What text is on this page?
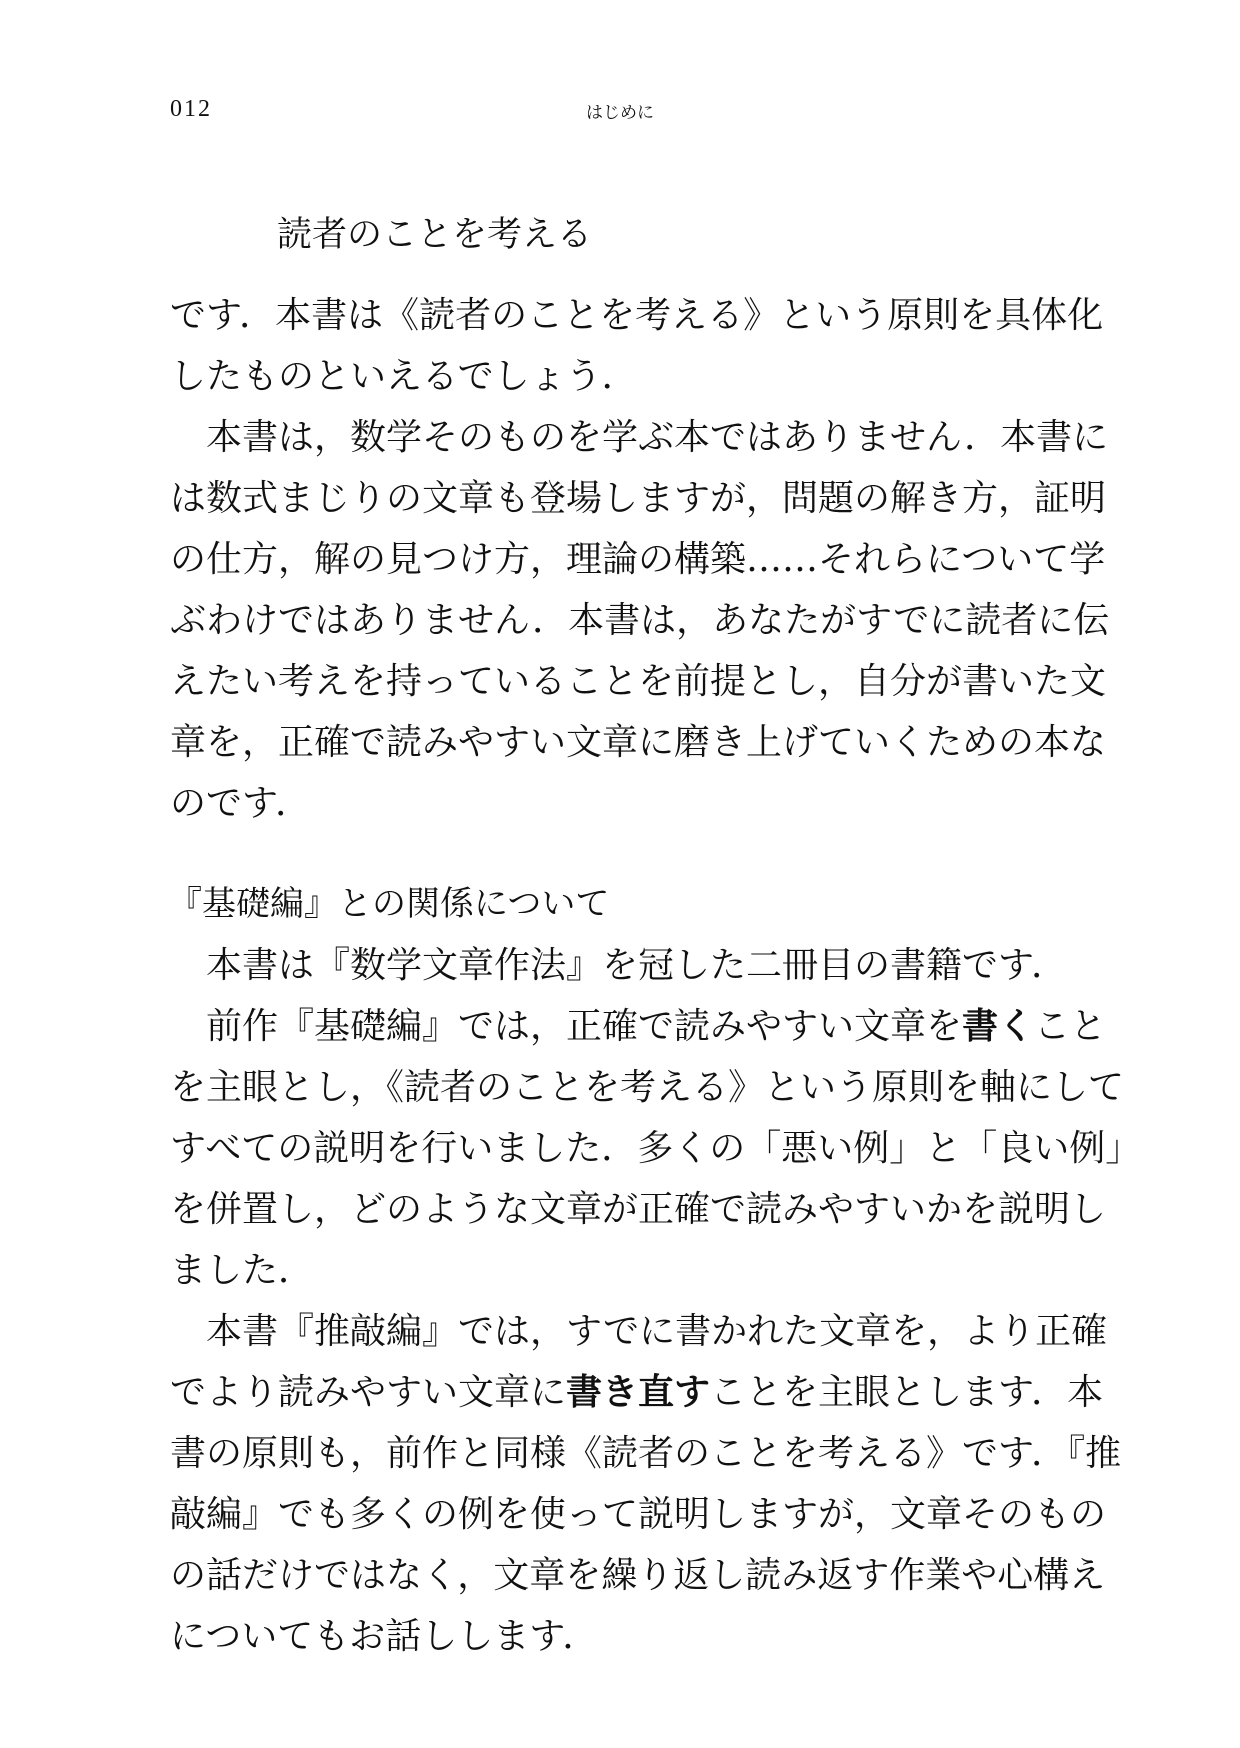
012	はじめに
読者のことを考える
です．本書は《読者のことを考える》という原則を具体化
したものといえるでしょう．
本書は，数学そのものを学ぶ本ではありません．本書に
は数式まじりの文章も登場しますが，問題の解き方，証明
の仕方，解の見つけ方，理論の構築……それらについて学
ぶわけではありません．本書は，あなたがすでに読者に伝
えたい考えを持っていることを前提とし，自分が書いた文
章を，正確で読みやすい文章に磨き上げていくための本な
のです．
『基礎編』との関係について
本書は『数学文章作法』を冠した二冊目の書籍です．
前作『基礎編』では，正確で読みやすい文章を書くこと
を主眼とし，《読者のことを考える》という原則を軸にして
すべての説明を行いました．多くの「悪い例」と「良い例」
を併置し，どのような文章が正確で読みやすいかを説明し
ました．
本書『推敲編』では，すでに書かれた文章を，より正確
でより読みやすい文章に書き直すことを主眼とします．本
書の原則も，前作と同様《読者のことを考える》です．『推
敲編』でも多くの例を使って説明しますが，文章そのもの
の話だけではなく，文章を繰り返し読み返す作業や心構え
についてもお話しします．
